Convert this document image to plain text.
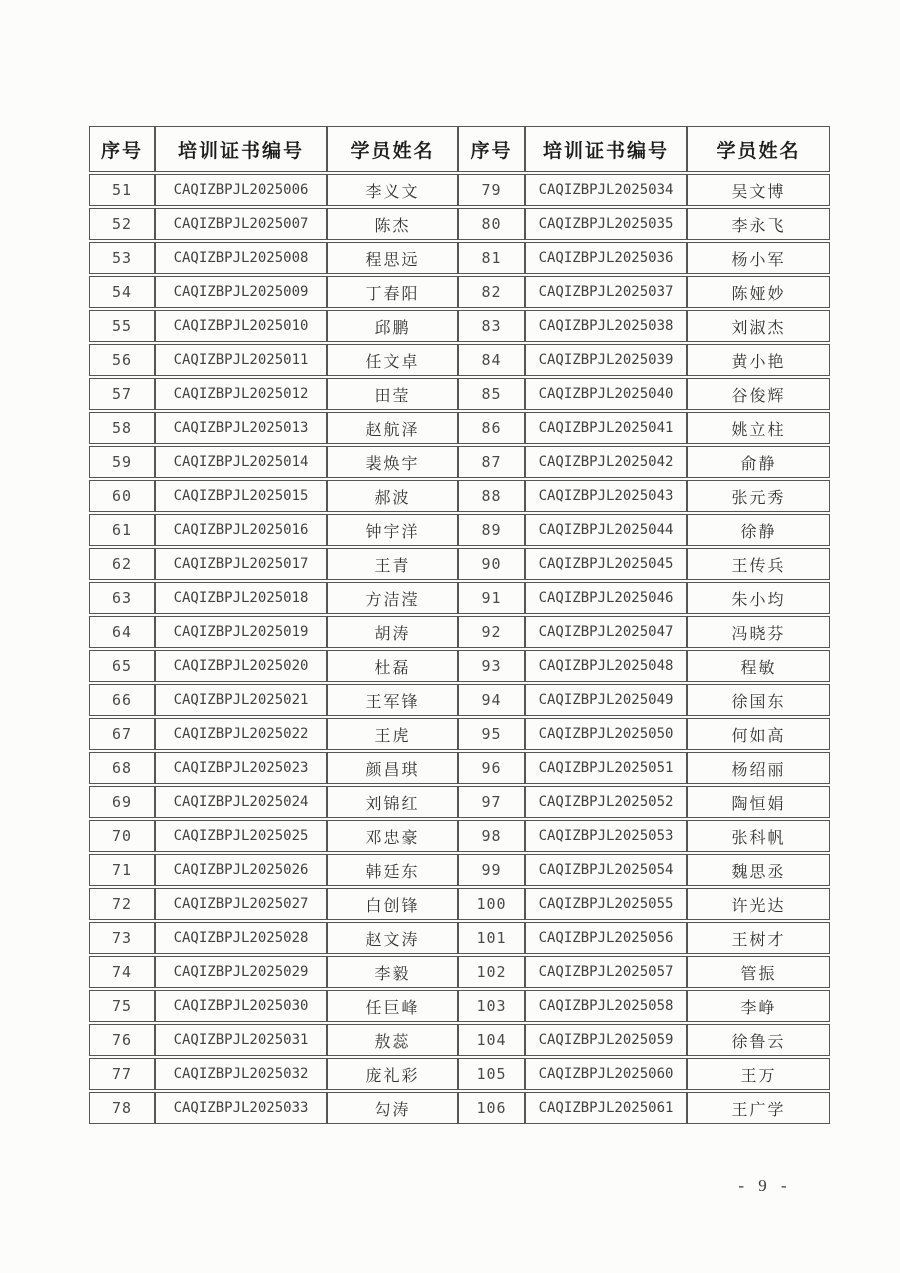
序号	培训证书编号	学员姓名	序号	培训证书编号	学员姓名
51	CAQIZBPJL2025006	李义文	79	CAQIZBPJL2025034	吴文博
52	CAQIZBPJL2025007	陈杰	80	CAQIZBPJL2025035	李永飞
53	CAQIZBPJL2025008	程思远	81	CAQIZBPJL2025036	杨小军
54	CAQIZBPJL2025009	丁春阳	82	CAQIZBPJL2025037	陈娅妙
55	CAQIZBPJL2025010	邱鹏	83	CAQIZBPJL2025038	刘淑杰
56	CAQIZBPJL2025011	任文卓	84	CAQIZBPJL2025039	黄小艳
57	CAQIZBPJL2025012	田莹	85	CAQIZBPJL2025040	谷俊辉
58	CAQIZBPJL2025013	赵航泽	86	CAQIZBPJL2025041	姚立柱
59	CAQIZBPJL2025014	裴焕宇	87	CAQIZBPJL2025042	俞静
60	CAQIZBPJL2025015	郝波	88	CAQIZBPJL2025043	张元秀
61	CAQIZBPJL2025016	钟宇洋	89	CAQIZBPJL2025044	徐静
62	CAQIZBPJL2025017	王青	90	CAQIZBPJL2025045	王传兵
63	CAQIZBPJL2025018	方洁滢	91	CAQIZBPJL2025046	朱小均
64	CAQIZBPJL2025019	胡涛	92	CAQIZBPJL2025047	冯晓芬
65	CAQIZBPJL2025020	杜磊	93	CAQIZBPJL2025048	程敏
66	CAQIZBPJL2025021	王军锋	94	CAQIZBPJL2025049	徐国东
67	CAQIZBPJL2025022	王虎	95	CAQIZBPJL2025050	何如高
68	CAQIZBPJL2025023	颜昌琪	96	CAQIZBPJL2025051	杨绍丽
69	CAQIZBPJL2025024	刘锦红	97	CAQIZBPJL2025052	陶恒娟
70	CAQIZBPJL2025025	邓忠豪	98	CAQIZBPJL2025053	张科帆
71	CAQIZBPJL2025026	韩廷东	99	CAQIZBPJL2025054	魏思丞
72	CAQIZBPJL2025027	白创锋	100	CAQIZBPJL2025055	许光达
73	CAQIZBPJL2025028	赵文涛	101	CAQIZBPJL2025056	王树才
74	CAQIZBPJL2025029	李毅	102	CAQIZBPJL2025057	管振
75	CAQIZBPJL2025030	任巨峰	103	CAQIZBPJL2025058	李峥
76	CAQIZBPJL2025031	敖蕊	104	CAQIZBPJL2025059	徐鲁云
77	CAQIZBPJL2025032	庞礼彩	105	CAQIZBPJL2025060	王万
78	CAQIZBPJL2025033	勾涛	106	CAQIZBPJL2025061	王广学
- 9 -
